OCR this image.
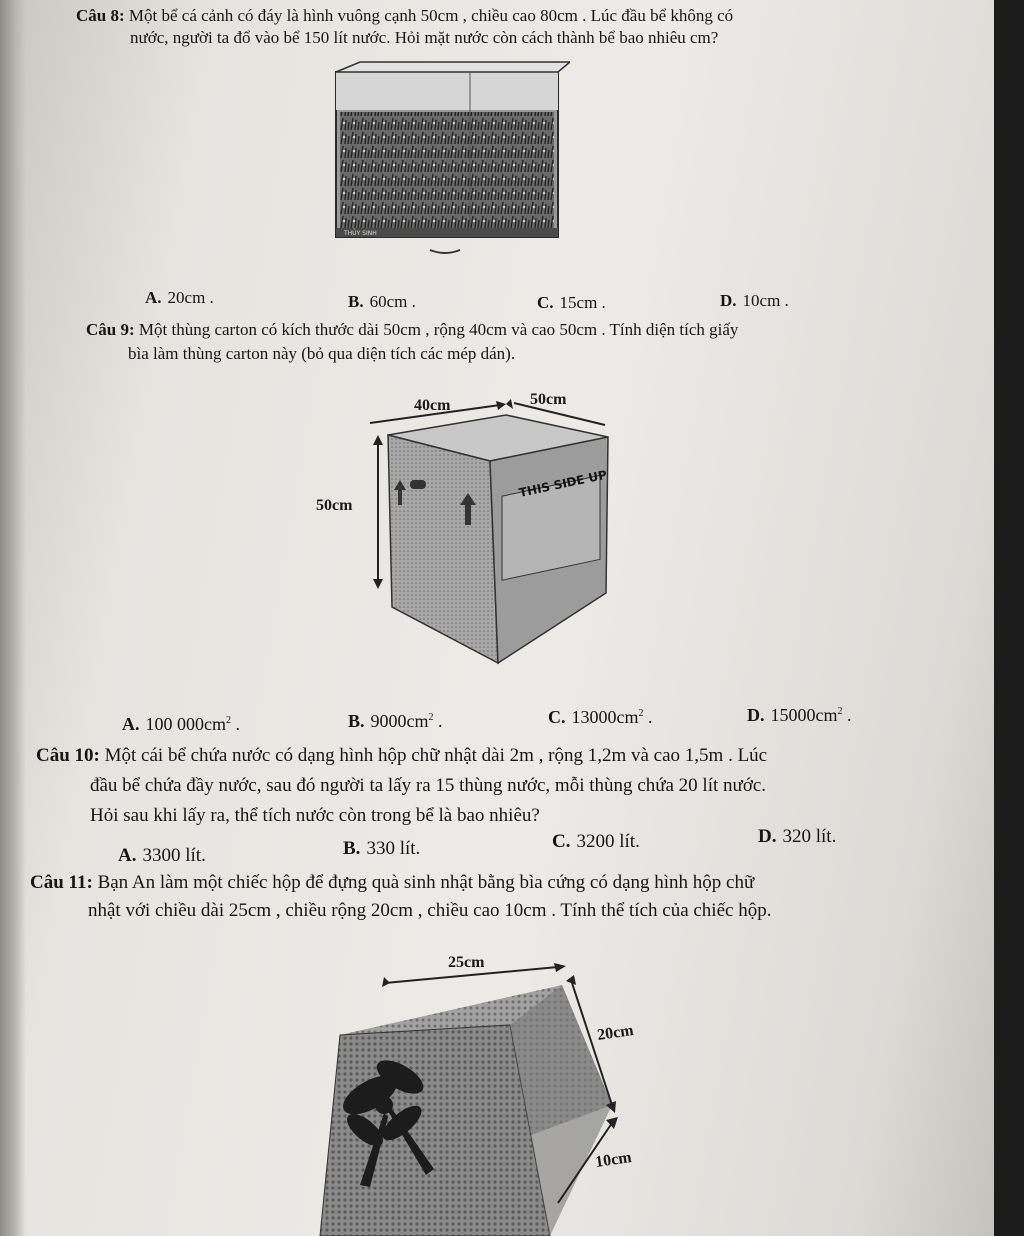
Câu 8: Một bể cá cảnh có đáy là hình vuông cạnh 50cm , chiều cao 80cm . Lúc đầu bể không có
nước, người ta đổ vào bể 150 lít nước. Hỏi mặt nước còn cách thành bể bao nhiêu cm?
THỦY SINH
A. 20cm .	B. 60cm .	C. 15cm .	D. 10cm .
Câu 9: Một thùng carton có kích thước dài 50cm , rộng 40cm và cao 50cm . Tính diện tích giấy
bìa làm thùng carton này (bỏ qua diện tích các mép dán).
40cm	50cm
50cm
THIS SIDE UP
A. 100 $000cm^2$ .	B. $9000cm^2$ .	C. $13000cm^2$ .	D. $15000cm^2$ .
Câu 10: Một cái bể chứa nước có dạng hình hộp chữ nhật dài 2m , rộng 1,2m và cao 1,5m . Lúc
đầu bể chứa đầy nước, sau đó người ta lấy ra 15 thùng nước, mỗi thùng chứa 20 lít nước.
Hỏi sau khi lấy ra, thể tích nước còn trong bể là bao nhiêu?
A. 3300 lít.	B. 330 lít.	C. 3200 lít.	D. 320 lít.
Câu 11: Bạn An làm một chiếc hộp để đựng quà sinh nhật bằng bìa cứng có dạng hình hộp chữ
nhật với chiều dài 25cm , chiều rộng 20cm , chiều cao 10cm . Tính thể tích của chiếc hộp.
25cm
20cm
10cm
